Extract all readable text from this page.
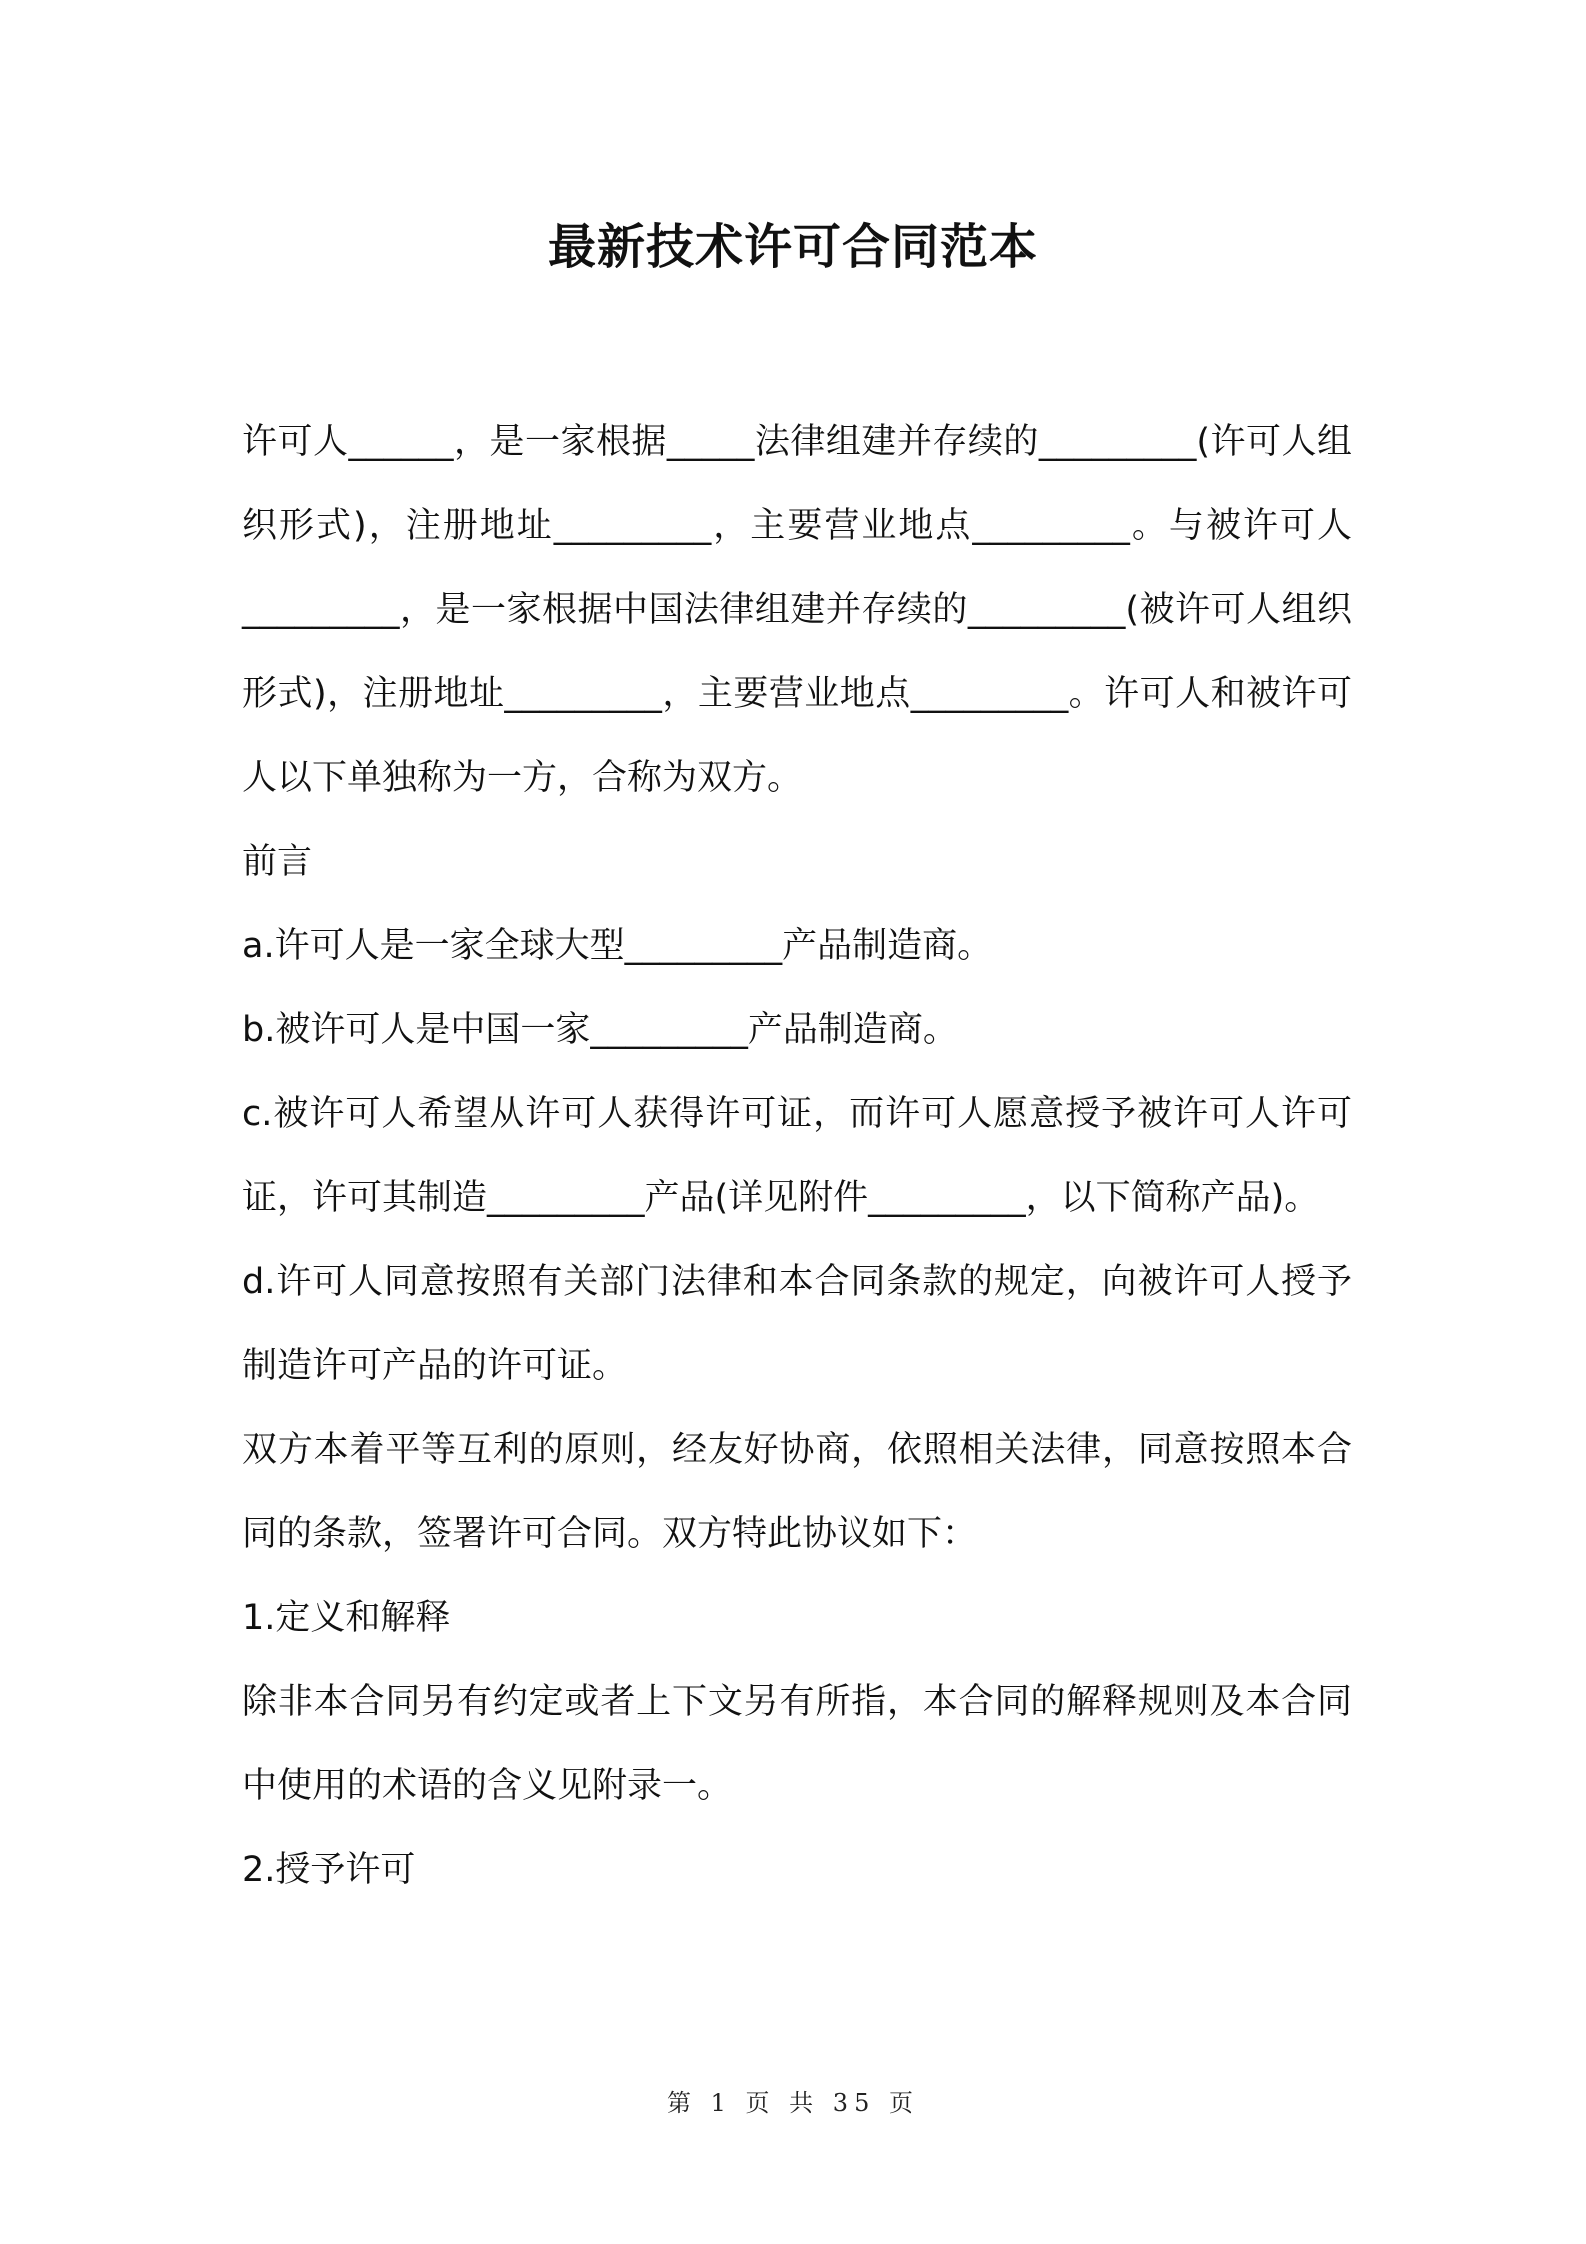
最新技术许可合同范本

许可人______，是一家根据_____法律组建并存续的_________(许可人组织形式)，注册地址_________，主要营业地点_________。与被许可人_________，是一家根据中国法律组建并存续的_________(被许可人组织形式)，注册地址_________，主要营业地点_________。许可人和被许可人以下单独称为一方，合称为双方。

前言

a.许可人是一家全球大型_________产品制造商。

b.被许可人是中国一家_________产品制造商。

c.被许可人希望从许可人获得许可证，而许可人愿意授予被许可人许可证，许可其制造_________产品(详见附件_________，以下简称产品)。

d.许可人同意按照有关部门法律和本合同条款的规定，向被许可人授予制造许可产品的许可证。

双方本着平等互利的原则，经友好协商，依照相关法律，同意按照本合同的条款，签署许可合同。双方特此协议如下：

1.定义和解释

除非本合同另有约定或者上下文另有所指，本合同的解释规则及本合同中使用的术语的含义见附录一。

2.授予许可

第 1 页 共 35 页
